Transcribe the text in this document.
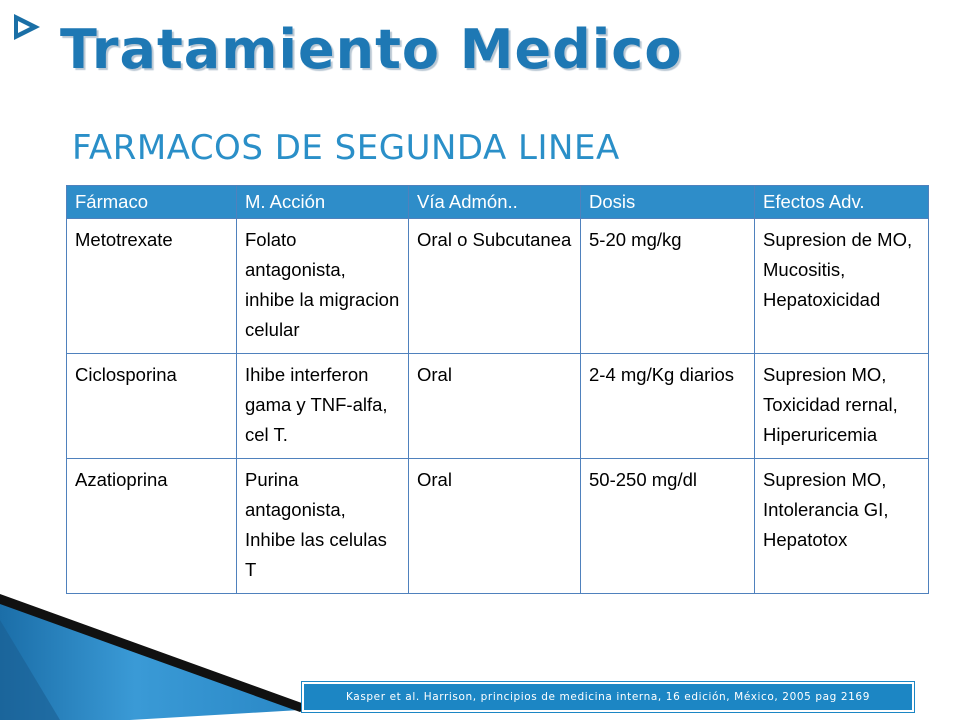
Tratamiento Medico
FARMACOS DE SEGUNDA LINEA
Fármaco	M. Acción	Vía Admón..	Dosis	Efectos Adv.
Metotrexate	Folato antagonista, inhibe la migracion celular	Oral o Subcutanea	5-20 mg/kg	Supresion de MO, Mucositis, Hepatoxicidad
Ciclosporina	Ihibe interferon gama y TNF-alfa, cel T.	Oral	2-4 mg/Kg diarios	Supresion MO, Toxicidad rernal, Hiperuricemia
Azatioprina	Purina antagonista, Inhibe las celulas T	Oral	50-250 mg/dl	Supresion MO, Intolerancia GI, Hepatotox
Kasper et al. Harrison, principios de medicina interna, 16 edición, México, 2005 pag 2169
